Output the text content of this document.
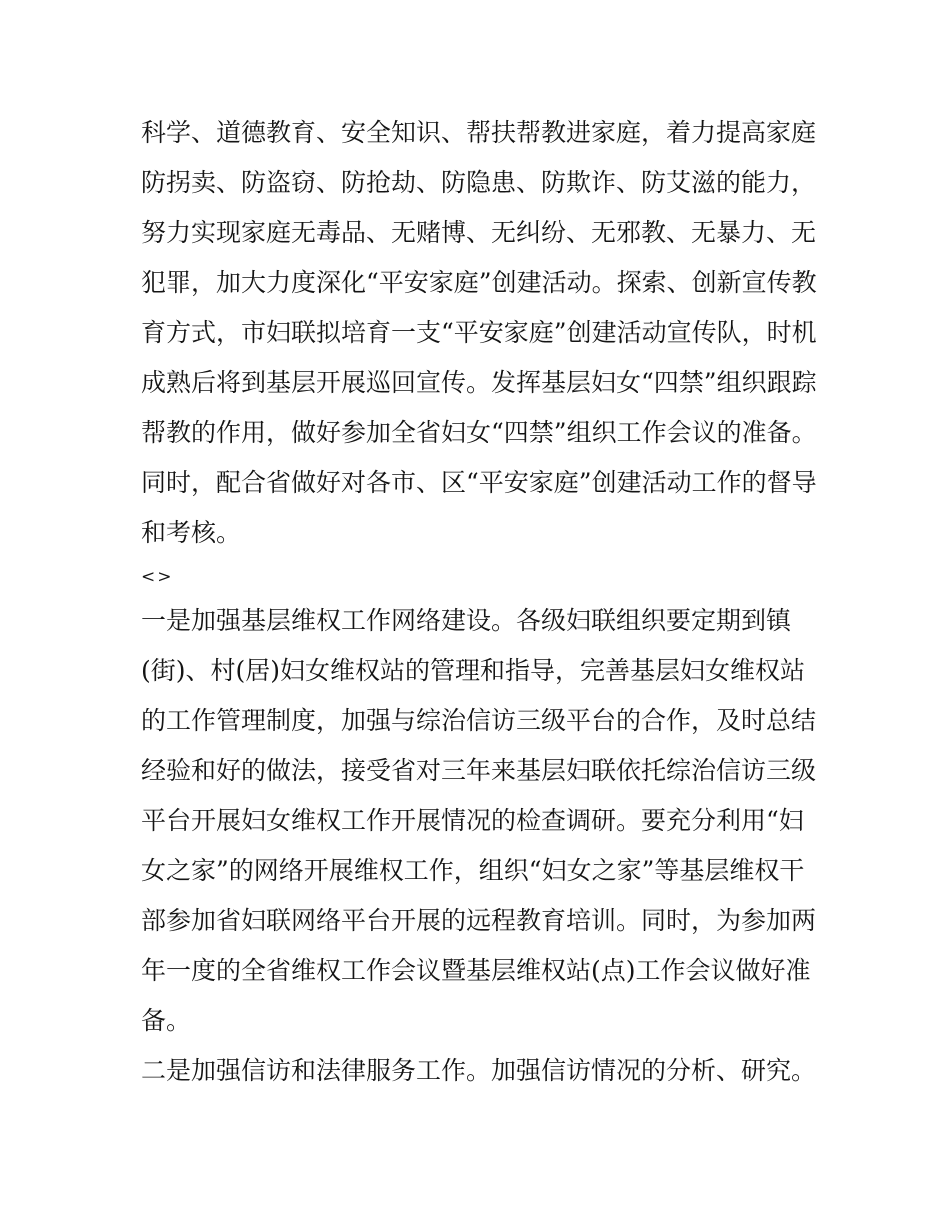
科学、道德教育、安全知识、帮扶帮教进家庭，着力提高家庭
防拐卖、防盗窃、防抢劫、防隐患、防欺诈、防艾滋的能力，
努力实现家庭无毒品、无赌博、无纠纷、无邪教、无暴力、无
犯罪，加大力度深化“平安家庭”创建活动。探索、创新宣传教
育方式，市妇联拟培育一支“平安家庭”创建活动宣传队，时机
成熟后将到基层开展巡回宣传。发挥基层妇女“四禁”组织跟踪
帮教的作用，做好参加全省妇女“四禁”组织工作会议的准备。
同时，配合省做好对各市、区“平安家庭”创建活动工作的督导
和考核。
<>
一是加强基层维权工作网络建设。各级妇联组织要定期到镇
(街)、村(居)妇女维权站的管理和指导，完善基层妇女维权站
的工作管理制度，加强与综治信访三级平台的合作，及时总结
经验和好的做法，接受省对三年来基层妇联依托综治信访三级
平台开展妇女维权工作开展情况的检查调研。要充分利用“妇
女之家”的网络开展维权工作，组织“妇女之家”等基层维权干
部参加省妇联网络平台开展的远程教育培训。同时，为参加两
年一度的全省维权工作会议暨基层维权站(点)工作会议做好准
备。
二是加强信访和法律服务工作。加强信访情况的分析、研究。
